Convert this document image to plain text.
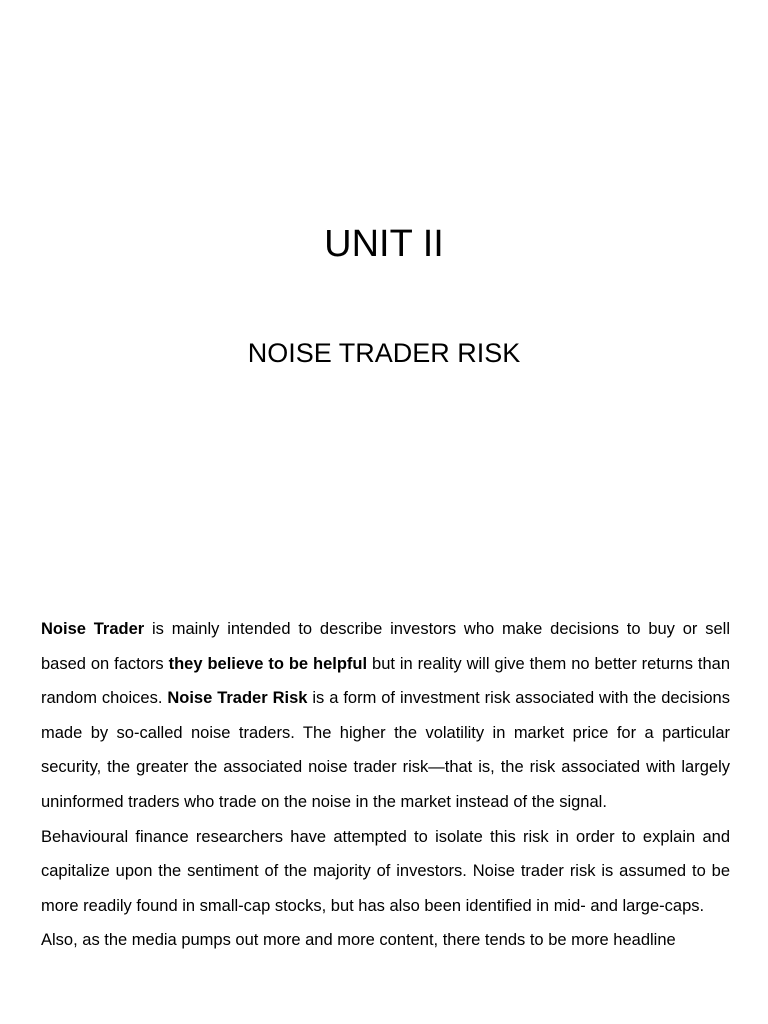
UNIT II
NOISE TRADER RISK

Noise Trader is mainly intended to describe investors who make decisions to buy or sell based on factors they believe to be helpful but in reality will give them no better returns than random choices. Noise Trader Risk is a form of investment risk associated with the decisions made by so-called noise traders. The higher the volatility in market price for a particular security, the greater the associated noise trader risk—that is, the risk associated with largely uninformed traders who trade on the noise in the market instead of the signal.

Behavioural finance researchers have attempted to isolate this risk in order to explain and capitalize upon the sentiment of the majority of investors. Noise trader risk is assumed to be more readily found in small-cap stocks, but has also been identified in mid- and large-caps.

Also, as the media pumps out more and more content, there tends to be more headline
